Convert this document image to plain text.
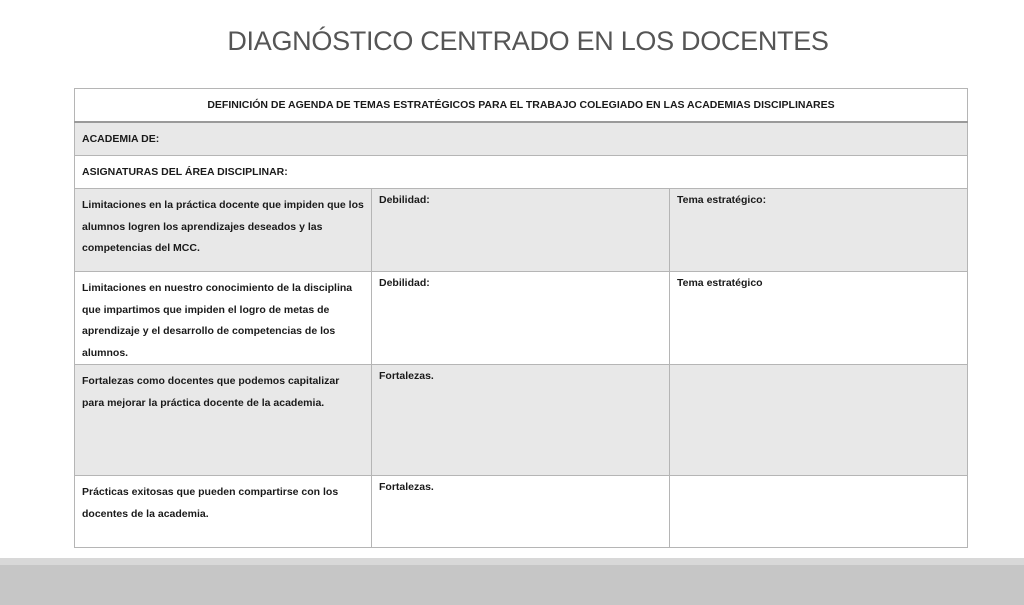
DIAGNÓSTICO CENTRADO EN LOS DOCENTES
DEFINICIÓN DE AGENDA DE TEMAS ESTRATÉGICOS PARA EL TRABAJO COLEGIADO EN LAS ACADEMIAS DISCIPLINARES		
ACADEMIA DE:		
ASIGNATURAS DEL ÁREA DISCIPLINAR:		

Limitaciones en la práctica docente que impiden que los alumnos logren los aprendizajes deseados y las competencias del MCC.	Debilidad:	Tema estratégico:

Limitaciones en nuestro conocimiento de la disciplina que impartimos que impiden el logro de metas de aprendizaje y el desarrollo de competencias de los alumnos.	Debilidad:	Tema estratégico

Fortalezas como docentes que podemos capitalizar para mejorar la práctica docente de la academia.	Fortalezas.	

Prácticas exitosas que pueden compartirse con los docentes de la academia.	Fortalezas.	
